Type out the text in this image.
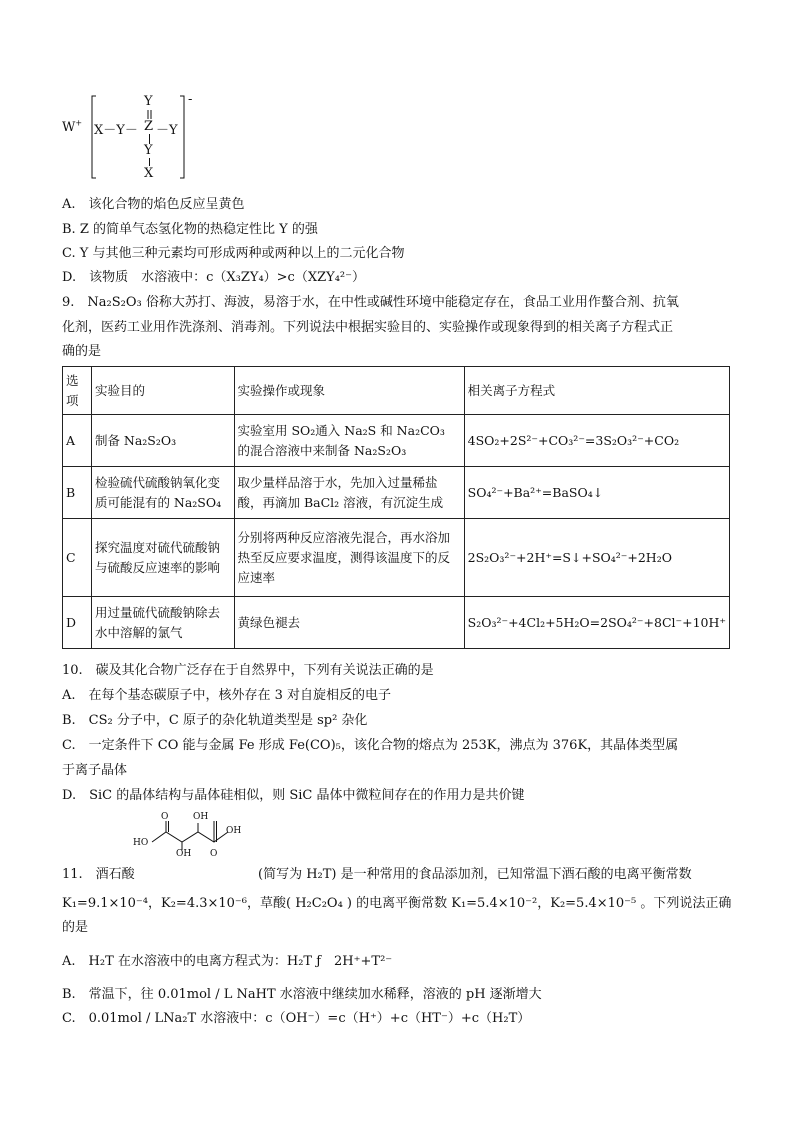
W+
-
Y
X－Y－ Z －Y
Y
X
A.　该化合物的焰色反应呈黄色
B. Z 的简单气态氢化物的热稳定性比 Y 的强
C. Y 与其他三种元素均可形成两种或两种以上的二元化合物
D.　该物质　水溶液中：c（X₃ZY₄）>c（XZY₄²⁻）
9.　Na₂S₂O₃ 俗称大苏打、海波，易溶于水，在中性或碱性环境中能稳定存在，食品工业用作螯合剂、抗氧
化剂，医药工业用作洗涤剂、消毒剂。下列说法中根据实验目的、实验操作或现象得到的相关离子方程式正
确的是
选项	实验目的	实验操作或现象	相关离子方程式
A	制备 Na₂S₂O₃	实验室用 SO₂通入 Na₂S 和 Na₂CO₃ 的混合溶液中来制备 Na₂S₂O₃	4SO₂+2S²⁻+CO₃²⁻=3S₂O₃²⁻+CO₂
B	检验硫代硫酸钠氧化变质可能混有的 Na₂SO₄	取少量样品溶于水，先加入过量稀盐酸，再滴加 BaCl₂ 溶液，有沉淀生成	SO₄²⁻+Ba²⁺=BaSO₄↓
C	探究温度对硫代硫酸钠与硫酸反应速率的影响	分别将两种反应溶液先混合，再水浴加热至反应要求温度，测得该温度下的反应速率	2S₂O₃²⁻+2H⁺=S↓+SO₄²⁻+2H₂O
D	用过量硫代硫酸钠除去水中溶解的氯气	黄绿色褪去	S₂O₃²⁻+4Cl₂+5H₂O=2SO₄²⁻+8Cl⁻+10H⁺
10.　碳及其化合物广泛存在于自然界中，下列有关说法正确的是
A.　在每个基态碳原子中，核外存在 3 对自旋相反的电子
B.　CS₂ 分子中，C 原子的杂化轨道类型是 sp² 杂化
C.　一定条件下 CO 能与金属 Fe 形成 Fe(CO)₅，该化合物的熔点为 253K，沸点为 376K，其晶体类型属
于离子晶体
D.　SiC 的晶体结构与晶体硅相似，则 SiC 晶体中微粒间存在的作用力是共价键
O	OH
HO
OH
OH
O
11.　酒石酸	(简写为 H₂T) 是一种常用的食品添加剂，已知常温下酒石酸的电离平衡常数
K₁=9.1×10⁻⁴，K₂=4.3×10⁻⁶，草酸( H₂C₂O₄ ) 的电离平衡常数 K₁=5.4×10⁻²，K₂=5.4×10⁻⁵ 。下列说法正确
的是
A.　H₂T 在水溶液中的电离方程式为：H₂T ƒ　2H⁺+T²⁻
B.　常温下，往 0.01mol / L NaHT 水溶液中继续加水稀释，溶液的 pH 逐渐增大
C.　0.01mol / LNa₂T 水溶液中：c（OH⁻）=c（H⁺）+c（HT⁻）+c（H₂T）
